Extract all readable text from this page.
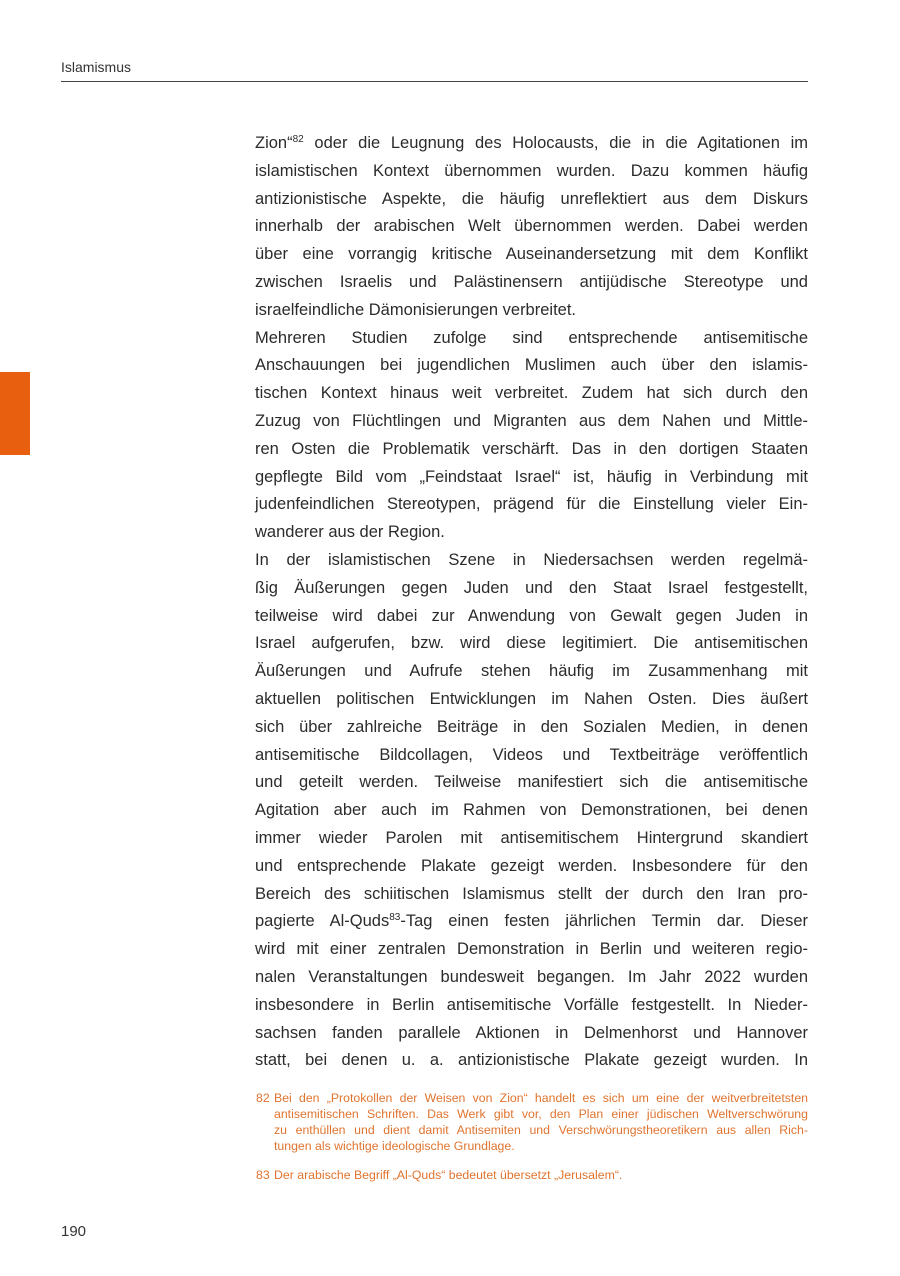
Islamismus
Zion“$^{82}$ oder die Leugnung des Holocausts, die in die Agitationen im
islamistischen Kontext übernommen wurden. Dazu kommen häufig
antizionistische Aspekte, die häufig unreflektiert aus dem Diskurs
innerhalb der arabischen Welt übernommen werden. Dabei werden
über eine vorrangig kritische Auseinandersetzung mit dem Konflikt
zwischen Israelis und Palästinensern antijüdische Stereotype und
israelfeindliche Dämonisierungen verbreitet.
Mehreren Studien zufolge sind entsprechende antisemitische
Anschauungen bei jugendlichen Muslimen auch über den islamis-
tischen Kontext hinaus weit verbreitet. Zudem hat sich durch den
Zuzug von Flüchtlingen und Migranten aus dem Nahen und Mittle-
ren Osten die Problematik verschärft. Das in den dortigen Staaten
gepflegte Bild vom „Feindstaat Israel“ ist, häufig in Verbindung mit
judenfeindlichen Stereotypen, prägend für die Einstellung vieler Ein-
wanderer aus der Region.
In der islamistischen Szene in Niedersachsen werden regelmä-
ßig Äußerungen gegen Juden und den Staat Israel festgestellt,
teilweise wird dabei zur Anwendung von Gewalt gegen Juden in
Israel aufgerufen, bzw. wird diese legitimiert. Die antisemitischen
Äußerungen und Aufrufe stehen häufig im Zusammenhang mit
aktuellen politischen Entwicklungen im Nahen Osten. Dies äußert
sich über zahlreiche Beiträge in den Sozialen Medien, in denen
antisemitische Bildcollagen, Videos und Textbeiträge veröffentlich
und geteilt werden. Teilweise manifestiert sich die antisemitische
Agitation aber auch im Rahmen von Demonstrationen, bei denen
immer wieder Parolen mit antisemitischem Hintergrund skandiert
und entsprechende Plakate gezeigt werden. Insbesondere für den
Bereich des schiitischen Islamismus stellt der durch den Iran pro-
pagierte Al-Quds$^{83}$-Tag einen festen jährlichen Termin dar. Dieser
wird mit einer zentralen Demonstration in Berlin und weiteren regio-
nalen Veranstaltungen bundesweit begangen. Im Jahr 2022 wurden
insbesondere in Berlin antisemitische Vorfälle festgestellt. In Nieder-
sachsen fanden parallele Aktionen in Delmenhorst und Hannover
statt, bei denen u. a. antizionistische Plakate gezeigt wurden. In
82 Bei den „Protokollen der Weisen von Zion“ handelt es sich um eine der weitverbreitetsten
antisemitischen Schriften. Das Werk gibt vor, den Plan einer jüdischen Weltverschwörung
zu enthüllen und dient damit Antisemiten und Verschwörungstheoretikern aus allen Rich-
tungen als wichtige ideologische Grundlage.
83 Der arabische Begriff „Al-Quds“ bedeutet übersetzt „Jerusalem“.
190
